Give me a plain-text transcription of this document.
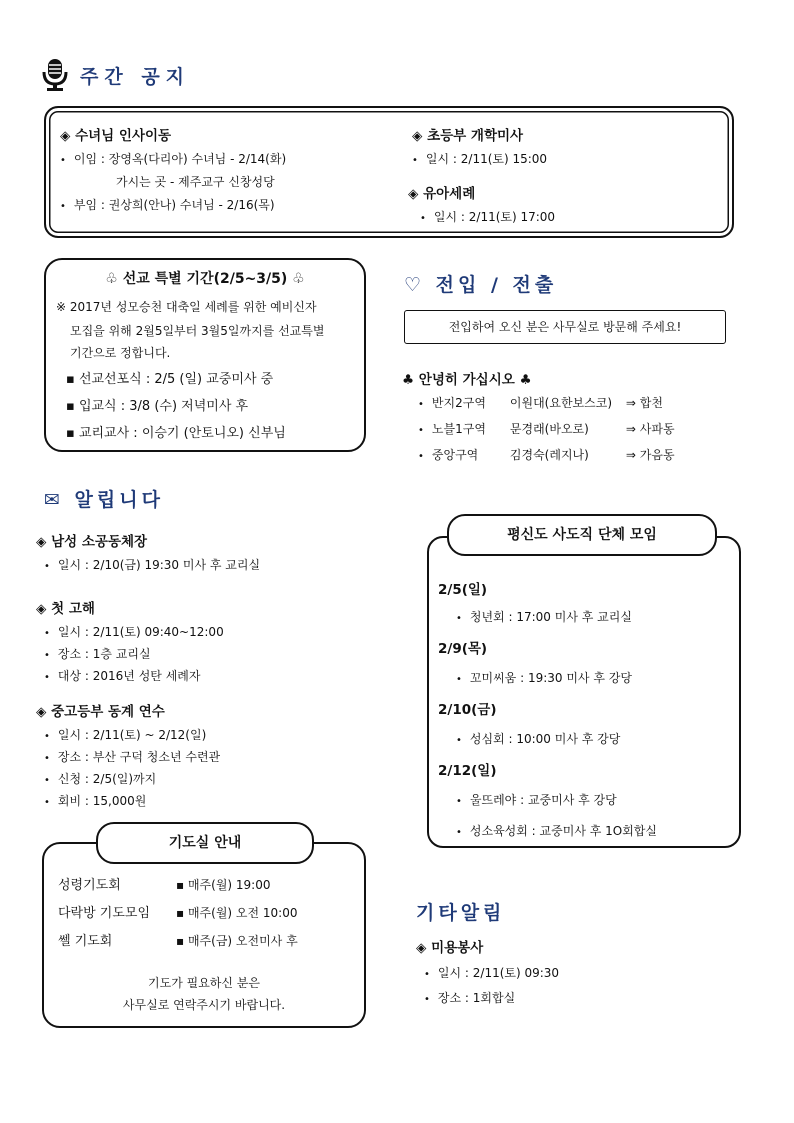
주간 공지
◈ 수녀님 인사이동
• 이임 : 장영옥(다리아) 수녀님 - 2/14(화)
가시는 곳 - 제주교구 신창성당
• 부임 : 권상희(안나) 수녀님 - 2/16(목)
◈ 초등부 개학미사
• 일시 : 2/11(토) 15:00
◈ 유아세례
• 일시 : 2/11(토) 17:00
♧ 선교 특별 기간(2/5~3/5) ♧
※ 2017년 성모승천 대축일 세례를 위한 예비신자
모집을 위해 2월5일부터 3월5일까지를 선교특별
기간으로 정합니다.
▪ 선교선포식 : 2/5 (일) 교중미사 중
▪ 입교식 : 3/8 (수) 저녁미사 후
▪ 교리교사 : 이승기 (안토니오) 신부님
♡ 전입 / 전출
전입하여 오신 분은 사무실로 방문해 주세요!
♣ 안녕히 가십시오 ♣
• 반지2구역 이원대(요한보스코) ⇒ 합천
• 노블1구역 문경래(바오로)	⇒ 사파동
• 중앙구역	김경숙(레지나)	⇒ 가음동
✉ 알립니다
◈ 남성 소공동체장
• 일시 : 2/10(금) 19:30 미사 후 교리실
◈ 첫 고해
• 일시 : 2/11(토) 09:40~12:00
• 장소 : 1층 교리실
• 대상 : 2016년 성탄 세례자
◈ 중고등부 동계 연수
• 일시 : 2/11(토) ~ 2/12(일)
• 장소 : 부산 구덕 청소년 수련관
• 신청 : 2/5(일)까지
• 회비 : 15,000원
평신도 사도직 단체 모임
2/5(일)
• 청년회 : 17:00 미사 후 교리실
2/9(목)
• 꼬미씨움 : 19:30 미사 후 강당
2/10(금)
• 성심회 : 10:00 미사 후 강당
2/12(일)
• 울뜨레야 : 교중미사 후 강당
• 성소육성회 : 교중미사 후 1O회합실
기도실 안내
성령기도회	▪ 매주(월) 19:00
다락방 기도모임 ▪ 매주(월) 오전 10:00
쎌 기도회	▪ 매주(금) 오전미사 후
기도가 필요하신 분은
사무실로 연락주시기 바랍니다.
기타알림
◈ 미용봉사
• 일시 : 2/11(토) 09:30
• 장소 : 1회합실
